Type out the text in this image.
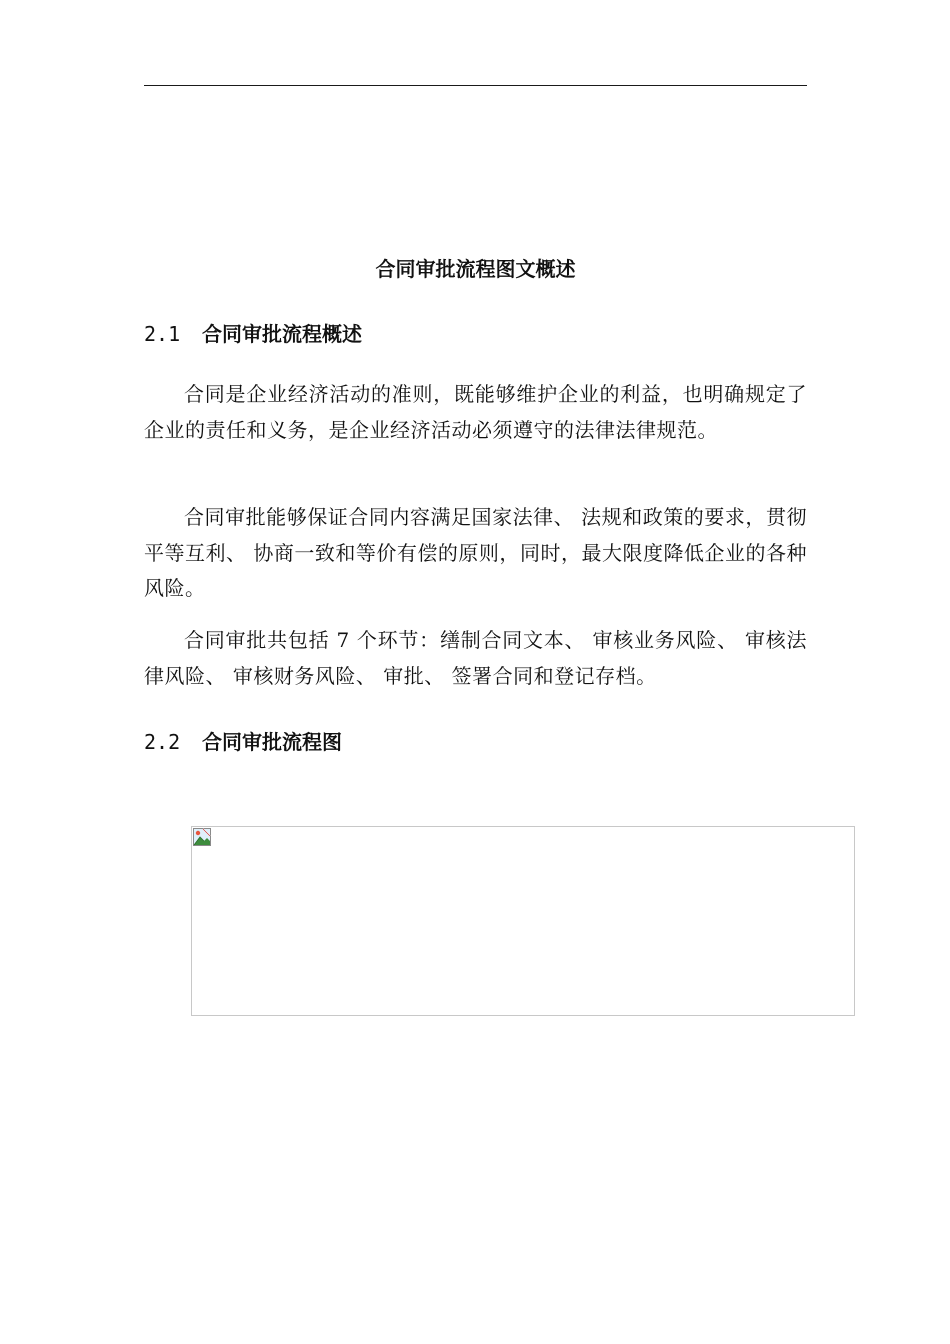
合同审批流程图文概述
2.1 合同审批流程概述

合同是企业经济活动的准则，既能够维护企业的利益，也明确规定了企业的责任和义务，是企业经济活动必须遵守的法律法律规范。

合同审批能够保证合同内容满足国家法律、 法规和政策的要求，贯彻平等互利、 协商一致和等价有偿的原则，同时，最大限度降低企业的各种风险。

合同审批共包括 7 个环节：缮制合同文本、 审核业务风险、 审核法律风险、 审核财务风险、 审批、 签署合同和登记存档。

2.2 合同审批流程图
